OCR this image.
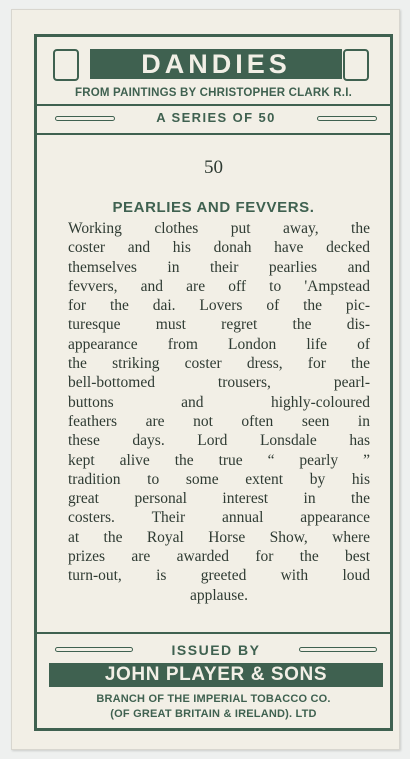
DANDIES
FROM PAINTINGS BY CHRISTOPHER CLARK R.I.
A SERIES OF 50
50
PEARLIES AND FEVVERS.
Working clothes put away, the
coster and his donah have decked
themselves in their pearlies and
fevvers, and are off to 'Ampstead
for the dai. Lovers of the pic-
turesque must regret the dis-
appearance from London life of
the striking coster dress, for the
bell-bottomed trousers, pearl-
buttons and highly-coloured
feathers are not often seen in
these days. Lord Lonsdale has
kept alive the true “ pearly ”
tradition to some extent by his
great personal interest in the
costers. Their annual appearance
at the Royal Horse Show, where
prizes are awarded for the best
turn-out, is greeted with loud
applause.
ISSUED BY
JOHN PLAYER & SONS
BRANCH OF THE IMPERIAL TOBACCO CO.
(OF GREAT BRITAIN & IRELAND). LTD
